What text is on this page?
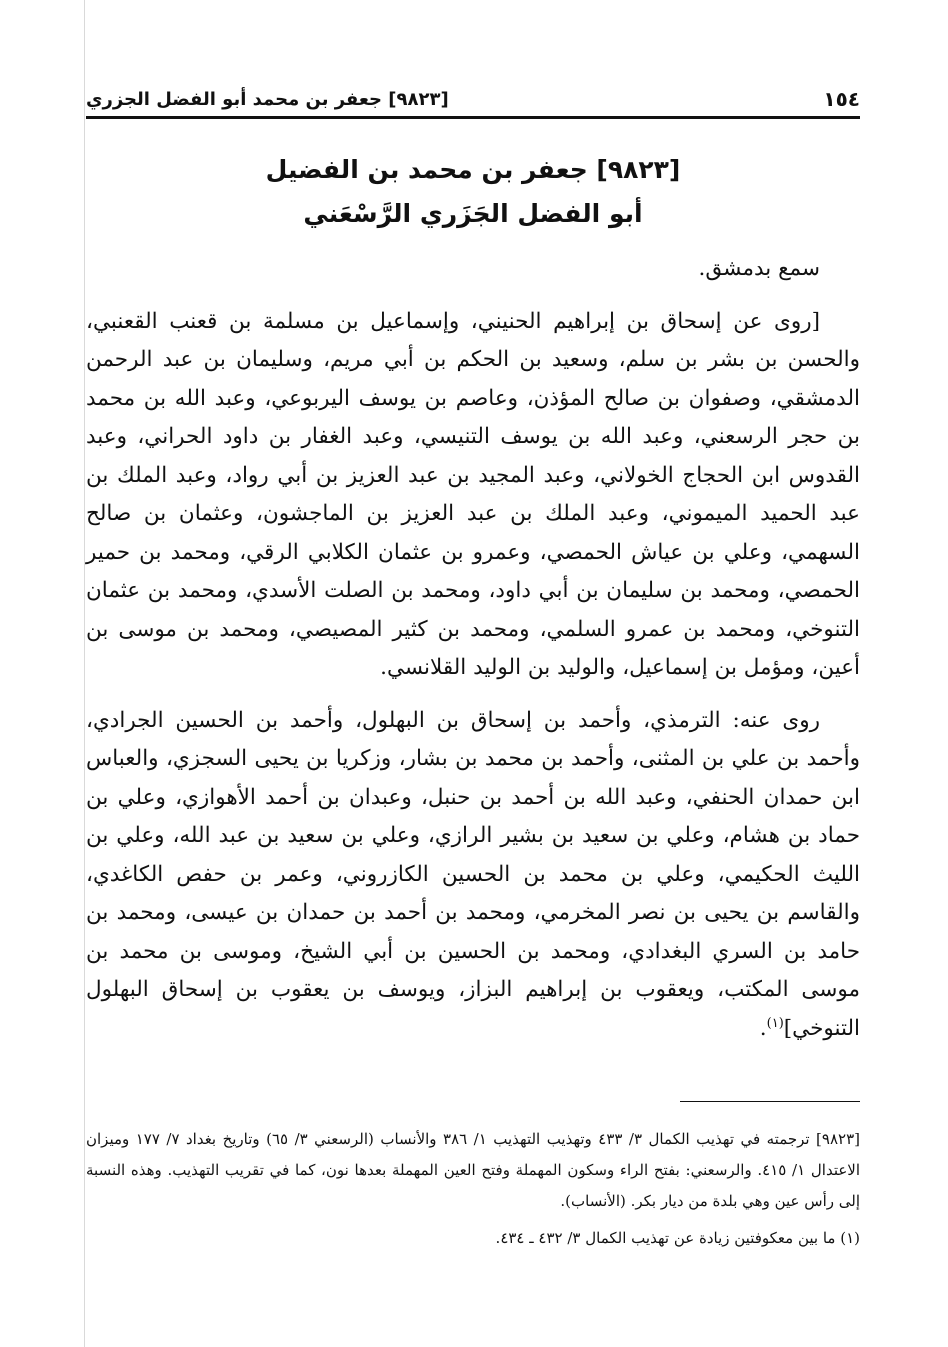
١٥٤
[٩٨٢٣] جعفر بن محمد أبو الفضل الجزري
[٩٨٢٣] جعفر بن محمد بن الفضيل
أبو الفضل الجَزَري الرَّسْعَني

سمع بدمشق.

[روى عن إسحاق بن إبراهيم الحنيني، وإسماعيل بن مسلمة بن قعنب القعنبي، والحسن بن بشر بن سلم، وسعيد بن الحكم بن أبي مريم، وسليمان بن عبد الرحمن الدمشقي، وصفوان بن صالح المؤذن، وعاصم بن يوسف اليربوعي، وعبد الله بن محمد بن حجر الرسعني، وعبد الله بن يوسف التنيسي، وعبد الغفار بن داود الحراني، وعبد القدوس ابن الحجاج الخولاني، وعبد المجيد بن عبد العزيز بن أبي رواد، وعبد الملك بن عبد الحميد الميموني، وعبد الملك بن عبد العزيز بن الماجشون، وعثمان بن صالح السهمي، وعلي بن عياش الحمصي، وعمرو بن عثمان الكلابي الرقي، ومحمد بن حمير الحمصي، ومحمد بن سليمان بن أبي داود، ومحمد بن الصلت الأسدي، ومحمد بن عثمان التنوخي، ومحمد بن عمرو السلمي، ومحمد بن كثير المصيصي، ومحمد بن موسى بن أعين، ومؤمل بن إسماعيل، والوليد بن الوليد القلانسي.

روى عنه: الترمذي، وأحمد بن إسحاق بن البهلول، وأحمد بن الحسين الجرادي، وأحمد بن علي بن المثنى، وأحمد بن محمد بن بشار، وزكريا بن يحيى السجزي، والعباس ابن حمدان الحنفي، وعبد الله بن أحمد بن حنبل، وعبدان بن أحمد الأهوازي، وعلي بن حماد بن هشام، وعلي بن سعيد بن بشير الرازي، وعلي بن سعيد بن عبد الله، وعلي بن الليث الحكيمي، وعلي بن محمد بن الحسين الكازروني، وعمر بن حفص الكاغدي، والقاسم بن يحيى بن نصر المخرمي، ومحمد بن أحمد بن حمدان بن عيسى، ومحمد بن حامد بن السري البغدادي، ومحمد بن الحسين بن أبي الشيخ، وموسى بن محمد بن موسى المكتب، ويعقوب بن إبراهيم البزاز، ويوسف بن يعقوب بن إسحاق البهلول التنوخي]$^{(١)}$.

[٩٨٢٣] ترجمته في تهذيب الكمال ٣/ ٤٣٣ وتهذيب التهذيب ١/ ٣٨٦ والأنساب (الرسعني ٣/ ٦٥) وتاريخ بغداد ٧/ ١٧٧ وميزان الاعتدال ١/ ٤١٥. والرسعني: بفتح الراء وسكون المهملة وفتح العين المهملة بعدها نون، كما في تقريب التهذيب. وهذه النسبة إلى رأس عين وهي بلدة من ديار بكر. (الأنساب).

(١) ما بين معكوفتين زيادة عن تهذيب الكمال ٣/ ٤٣٢ ـ ٤٣٤.
